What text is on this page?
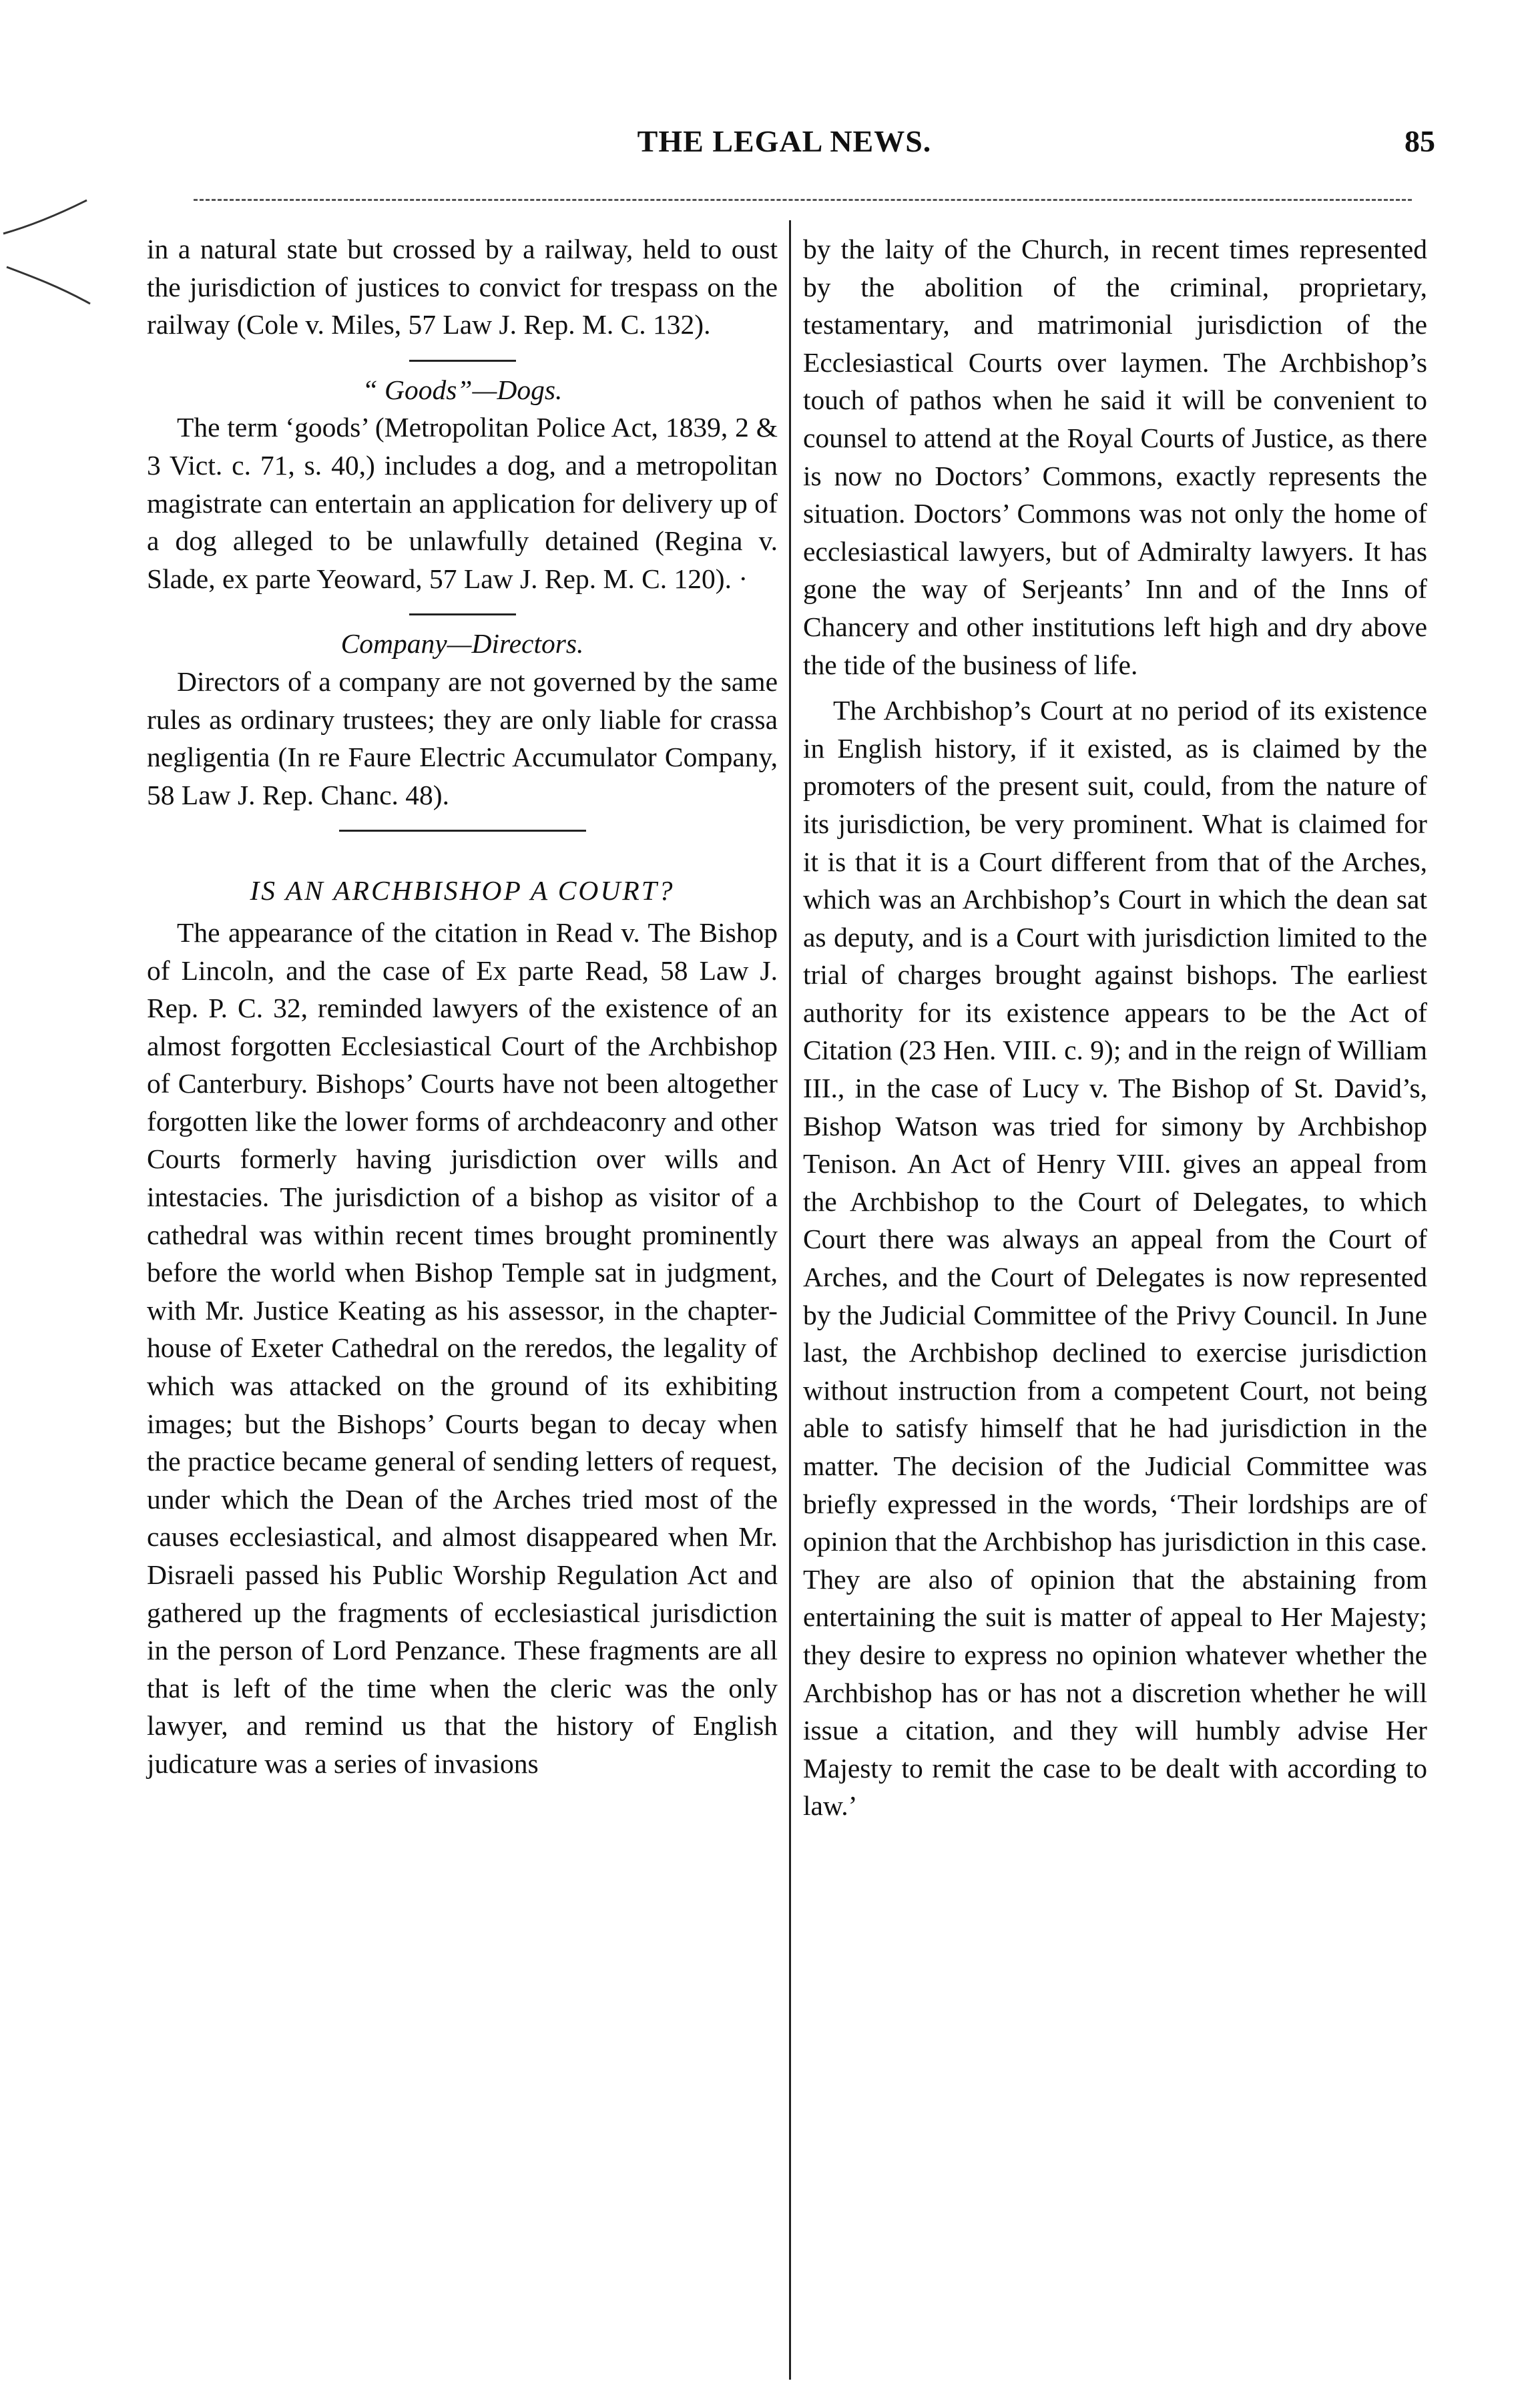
THE LEGAL NEWS.	85

in a natural state but crossed by a railway, held to oust the jurisdiction of justices to convict for trespass on the railway (Cole v. Miles, 57 Law J. Rep. M. C. 132).

“ Goods”—Dogs.

The term ‘goods’ (Metropolitan Police Act, 1839, 2 & 3 Vict. c. 71, s. 40,) includes a dog, and a metropolitan magistrate can entertain an application for delivery up of a dog alleged to be unlawfully detained (Regina v. Slade, ex parte Yeoward, 57 Law J. Rep. M. C. 120). ·

Company—Directors.

Directors of a company are not governed by the same rules as ordinary trustees; they are only liable for crassa negligentia (In re Faure Electric Accumulator Company, 58 Law J. Rep. Chanc. 48).

IS AN ARCHBISHOP A COURT?

The appearance of the citation in Read v. The Bishop of Lincoln, and the case of Ex parte Read, 58 Law J. Rep. P. C. 32, reminded lawyers of the existence of an almost forgotten Ecclesiastical Court of the Archbishop of Canterbury. Bishops’ Courts have not been altogether forgotten like the lower forms of archdeaconry and other Courts formerly having jurisdiction over wills and intestacies. The jurisdiction of a bishop as visitor of a cathedral was within recent times brought prominently before the world when Bishop Temple sat in judgment, with Mr. Justice Keating as his assessor, in the chapter-house of Exeter Cathedral on the reredos, the legality of which was attacked on the ground of its exhibiting images; but the Bishops’ Courts began to decay when the practice became general of sending letters of request, under which the Dean of the Arches tried most of the causes ecclesiastical, and almost disappeared when Mr. Disraeli passed his Public Worship Regulation Act and gathered up the fragments of ecclesiastical jurisdiction in the person of Lord Penzance. These fragments are all that is left of the time when the cleric was the only lawyer, and remind us that the history of English judicature was a series of invasions

by the laity of the Church, in recent times represented by the abolition of the criminal, proprietary, testamentary, and matrimonial jurisdiction of the Ecclesiastical Courts over laymen. The Archbishop’s touch of pathos when he said it will be convenient to counsel to attend at the Royal Courts of Justice, as there is now no Doctors’ Commons, exactly represents the situation. Doctors’ Commons was not only the home of ecclesiastical lawyers, but of Admiralty lawyers. It has gone the way of Serjeants’ Inn and of the Inns of Chancery and other institutions left high and dry above the tide of the business of life.

The Archbishop’s Court at no period of its existence in English history, if it existed, as is claimed by the promoters of the present suit, could, from the nature of its jurisdiction, be very prominent. What is claimed for it is that it is a Court different from that of the Arches, which was an Archbishop’s Court in which the dean sat as deputy, and is a Court with jurisdiction limited to the trial of charges brought against bishops. The earliest authority for its existence appears to be the Act of Citation (23 Hen. VIII. c. 9); and in the reign of William III., in the case of Lucy v. The Bishop of St. David’s, Bishop Watson was tried for simony by Archbishop Tenison. An Act of Henry VIII. gives an appeal from the Archbishop to the Court of Delegates, to which Court there was always an appeal from the Court of Arches, and the Court of Delegates is now represented by the Judicial Committee of the Privy Council. In June last, the Archbishop declined to exercise jurisdiction without instruction from a competent Court, not being able to satisfy himself that he had jurisdiction in the matter. The decision of the Judicial Committee was briefly expressed in the words, ‘Their lordships are of opinion that the Archbishop has jurisdiction in this case. They are also of opinion that the abstaining from entertaining the suit is matter of appeal to Her Majesty; they desire to express no opinion whatever whether the Archbishop has or has not a discretion whether he will issue a citation, and they will humbly advise Her Majesty to remit the case to be dealt with according to law.’
